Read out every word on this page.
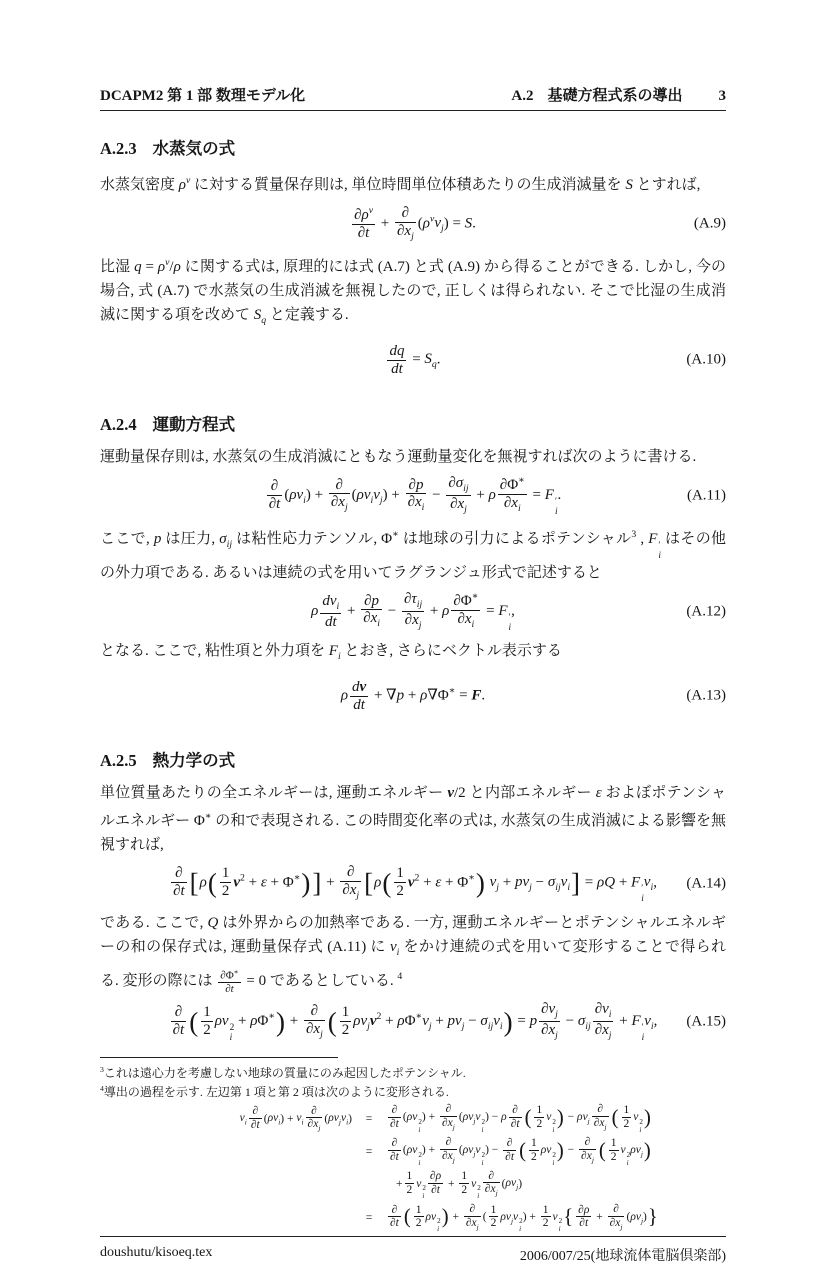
DCAPM2 第 1 部 数理モデル化	A.2 基礎方程式系の導出 3
A.2.3 水蒸気の式

水蒸気密度 $\rho^v$ に対する質量保存則は, 単位時間単位体積あたりの生成消滅量を S とすれば,

$\frac{\partial\rho^v}{\partial t}$ +
∂
$\partial x_j$
$(\rho^vv_j) = S$.	(A.9)

比湿 $q = \rho^v/\rho$ に関する式は, 原理的には式 (A.7) と式 (A.9) から得ることができる. しかし, 今の場合, 式 (A.7) で水蒸気の生成消滅を無視したので, 正しくは得られない. そこで比湿の生成消滅に関する項を改めて $S_q$ と定義する.

$\frac{dq}{dt} = S_q$.	(A.10)
A.2.4 運動方程式

運動量保存則は, 水蒸気の生成消滅にともなう運動量変化を無視すれば次のように書ける.

∂
∂t
$(\rho v_i)$ +
∂
$\partial x_j$
$(\rho v_iv_j) + \frac{\partial p}{\partial x_i}$ −
$\partial\sigma_{ij}$
$\partial x_j$
+ ρ $\frac{\partial\Phi^∗}{\partial x_i} = F$ ′
i
.	(A.11)

ここで, p は圧力, $\sigma_{ij}$ は粘性応力テンソル, Φ∗ は地球の引力によるポテンシャル$^3$ , F ′
i
はその他の外力項である. あるいは連続の式を用いてラグランジュ形式で記述すると

ρ
$dv_i$
dt
+ $\frac{\partial p}{\partial x_i}$ −
$\partial\tau_{ij}$
$\partial x_j$
+ ρ $\frac{\partial\Phi^∗}{\partial x_i} = F$ ′
i
,	(A.12)

となる. ここで, 粘性項と外力項を $F_i$ とおき, さらにベクトル表示する

ρ $\frac{dv}{dt} + \nabla p + \rho\nabla\Phi^∗ = F$.	(A.13)
A.2.5 熱力学の式

単位質量あたりの全エネルギーは, 運動エネルギー v/2 と内部エネルギー ε およぼポテンシャルエネルギー Φ∗ の和で表現される. この時間変化率の式は, 水蒸気の生成消滅による影響を無視すれば,

∂
∂t $[\rho( \frac{1}{2} v^2 + \varepsilon + \Phi^∗)]$ +
∂
$\partial x_j$ [$\rho( \frac{1}{2} v^2 + \varepsilon + \Phi^∗)$ $v_j + pv_j - \sigma_{ij}v_i] = \rho Q + F$ ′
i
$v_i$, (A.14)

である. ここで, Q は外界からの加熱率である. 一方, 運動エネルギーとポテンシャルエネルギーの和の保存式は, 運動量保存式 (A.11) に $v_i$ をかけ連続の式を用いて変形することで得られる. 変形の際には $\frac{\partial\Phi^∗}{\partial t} = 0$ であるとしている. $^4$

∂
∂t ( $\frac{1}{2}$ ρv 2
i
+ ρΦ∗) +
∂
$\partial x_j$ ( $\frac{1}{2} \rho v_jv^2 + \rho\Phi^∗v_j + pv_j - \sigma_{ij}v_i) = p \frac{\partial v_j}{\partial x_j} - \sigma_{ij} \frac{\partial v_i}{\partial x_j} + F$ ′
i
$v_i$, (A.15)
$^3$これは遠心力を考慮しない地球の質量にのみ起因したポテンシャル.
$^4$導出の過程を示す. 左辺第 1 項と第 2 項は次のように変形される.
$v_i$
∂
∂t
$(\rho v_i) + v_i$
∂
$\partial x_j$
$(\rho v_jv_i)$	=
∂
∂t
(ρv 2
i
) +
∂
$\partial x_j$
($\rho v_jv$ 2
i
) − ρ
∂
∂t ( $\frac{1}{2}$ v 2
i
) − $\rho v_j$
∂
$\partial x_j$ ( $\frac{1}{2}$ v 2
i
)
=
∂
∂t
(ρv 2
i
) +
∂
$\partial x_j$
($\rho v_jv$ 2
i
) −
∂
∂t ( $\frac{1}{2}$ ρv 2
i
) −
∂
$\partial x_j$ ( $\frac{1}{2}$ v 2
i
$\rho v_j$)
+ $\frac{1}{2}$ v 2
i $\frac{\partial\rho}{\partial t} + \frac{1}{2}$ v 2
i
∂
$\partial x_j$
$(\rho v_j)$
=
∂
∂t ( $\frac{1}{2}$ ρv 2
i
) +
∂
$\partial x_j$
( $\frac{1}{2} \rho v_jv$ 2
i
) + $\frac{1}{2}$ v 2
i
{ $\frac{\partial\rho}{\partial t}$ +
∂
$\partial x_j$
$(\rho v_j)$}
doushutu/kisoeq.tex	2006/007/25(地球流体電脳倶楽部)
